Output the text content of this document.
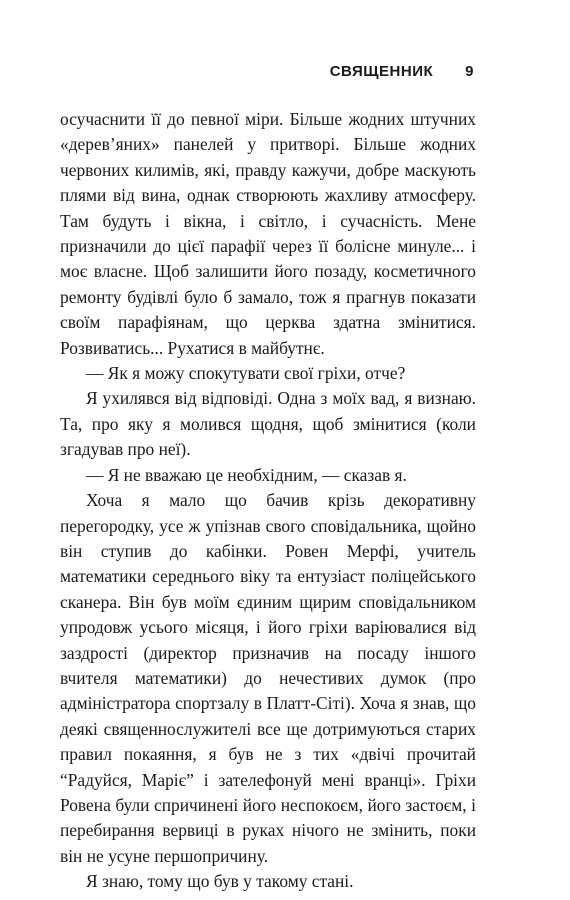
СВЯЩЕННИК 9

осучаснити її до певної міри. Більше жодних штучних «дерев’яних» панелей у притворі. Більше жодних червоних килимів, які, правду кажучи, добре маскують плями від вина, однак створюють жахливу атмосферу. Там будуть і вікна, і світло, і сучасність. Мене призначили до цієї парафії через її болісне минуле... і моє власне. Щоб залишити його позаду, косметичного ремонту будівлі було б замало, тож я прагнув показати своїм парафіянам, що церква здатна змінитися. Розвиватись... Рухатися в майбутнє.

— Як я можу спокутувати свої гріхи, отче?

Я ухилявся від відповіді. Одна з моїх вад, я визнаю. Та, про яку я молився щодня, щоб змінитися (коли згадував про неї).

— Я не вважаю це необхідним, — сказав я.

Хоча я мало що бачив крізь декоративну перегородку, усе ж упізнав свого сповідальника, щойно він ступив до кабінки. Ровен Мерфі, учитель математики середнього віку та ентузіаст поліцейського сканера. Він був моїм єдиним щирим сповідальником упродовж усього місяця, і його гріхи варіювалися від заздрості (директор призначив на посаду іншого вчителя математики) до нечестивих думок (про адміністратора спортзалу в Платт-Сіті). Хоча я знав, що деякі священнослужителі все ще дотримуються старих правил покаяння, я був не з тих «двічі прочитай “Радуйся, Маріє” і зателефонуй мені вранці». Гріхи Ровена були спричинені його неспокоєм, його застоєм, і перебирання вервиці в руках нічого не змінить, поки він не усуне першопричину.

Я знаю, тому що був у такому стані.
